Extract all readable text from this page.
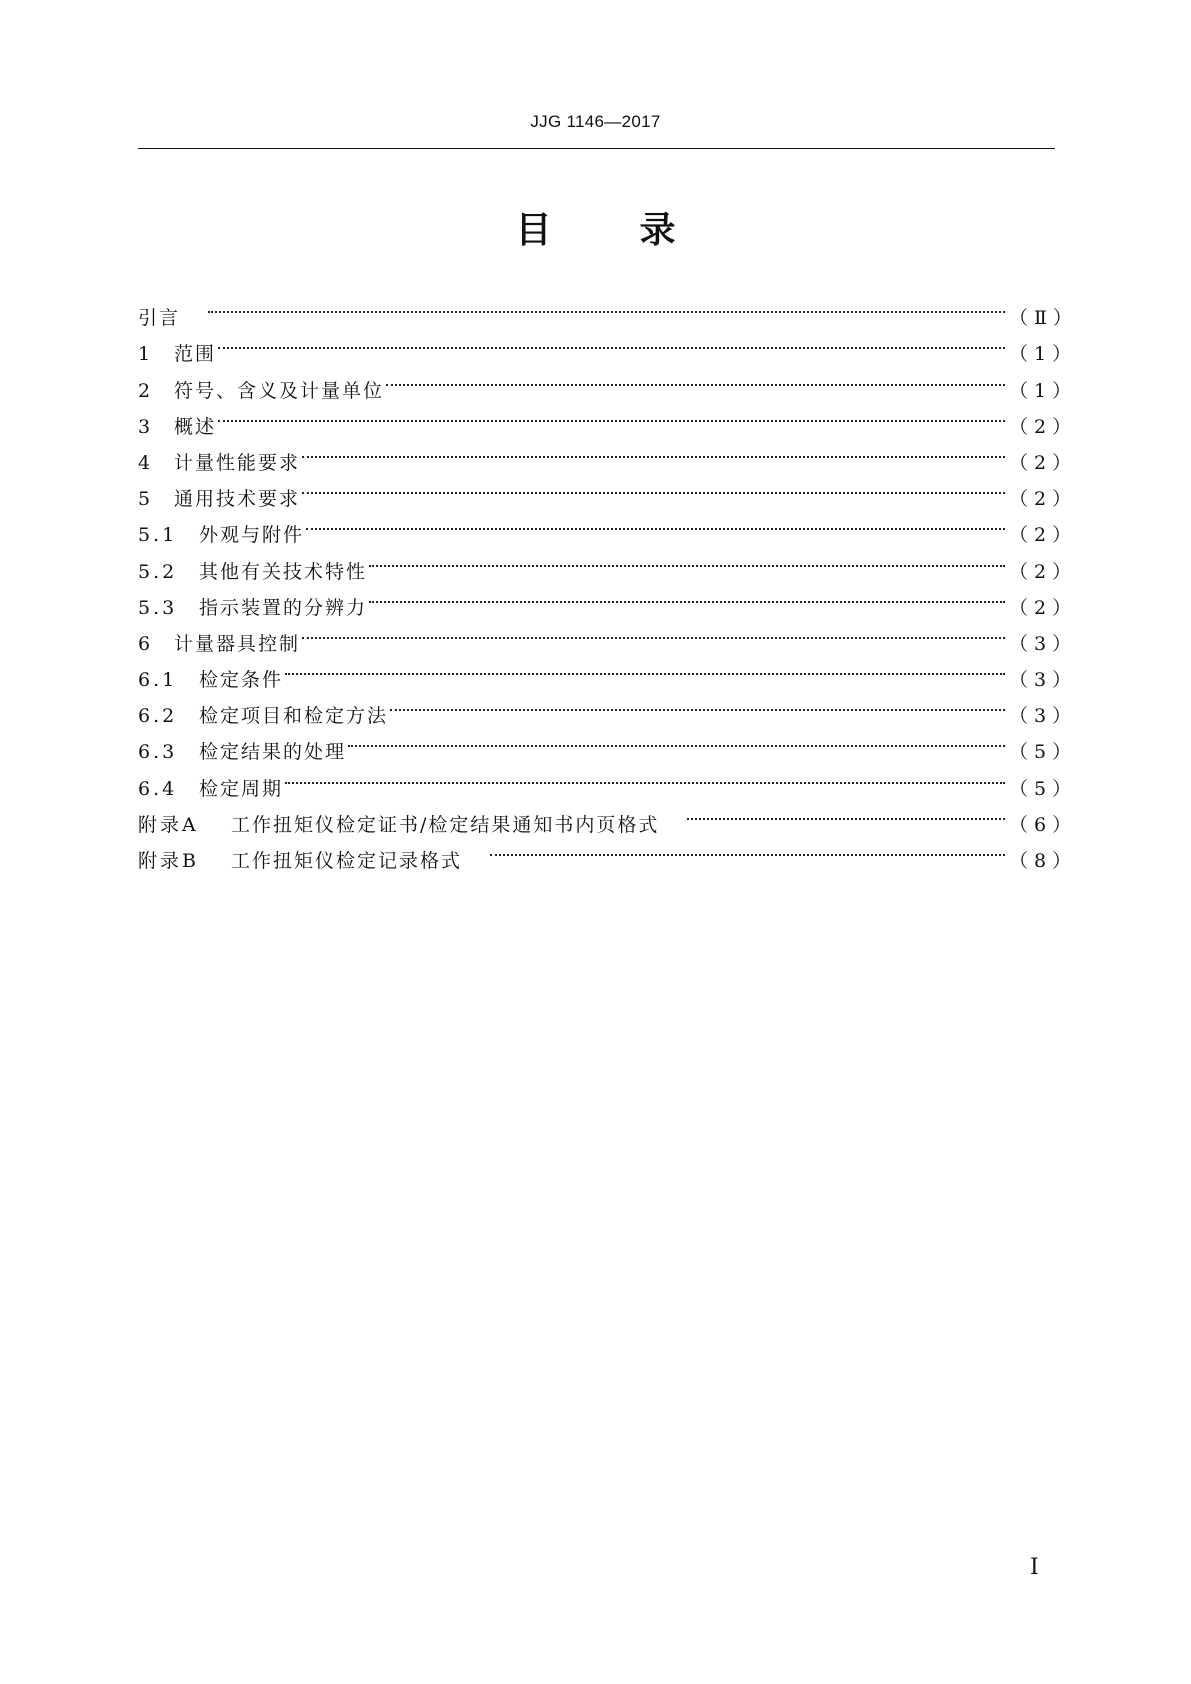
JJG 1146—2017
目 录
引言	（Ⅱ）
1	范围	（1）
2	符号、含义及计量单位	（1）
3	概述	（2）
4	计量性能要求	（2）
5	通用技术要求	（2）
5.1	外观与附件	（2）
5.2	其他有关技术特性	（2）
5.3	指示装置的分辨力	（2）
6	计量器具控制	（3）
6.1	检定条件	（3）
6.2	检定项目和检定方法	（3）
6.3	检定结果的处理	（5）
6.4	检定周期	（5）
附录A	工作扭矩仪检定证书/检定结果通知书内页格式	（6）
附录B	工作扭矩仪检定记录格式	（8）
Ⅰ
